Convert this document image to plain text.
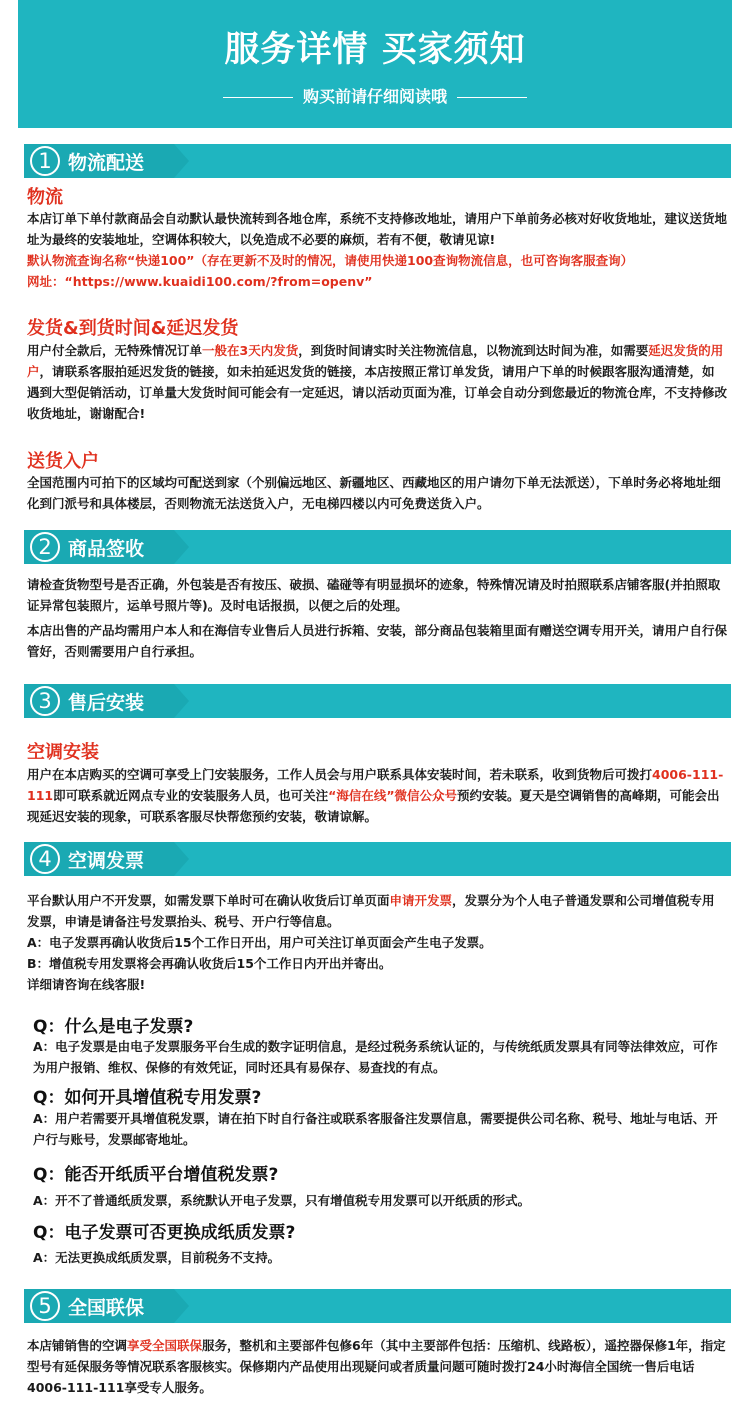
服务详情 买家须知
购买前请仔细阅读哦
1 物流配送
物流
本店订单下单付款商品会自动默认最快流转到各地仓库，系统不支持修改地址，请用户下单前务必核对好收货地址，建议送货地址为最终的安装地址，空调体积较大，以免造成不必要的麻烦，若有不便，敬请见谅!
默认物流查询名称“快递100”（存在更新不及时的情况，请使用快递100查询物流信息，也可咨询客服查询）
网址：“https://www.kuaidi100.com/?from=openv”
发货&到货时间&延迟发货
用户付全款后，无特殊情况订单一般在3天内发货，到货时间请实时关注物流信息，以物流到达时间为准，如需要延迟发货的用户，请联系客服拍延迟发货的链接，如未拍延迟发货的链接，本店按照正常订单发货，请用户下单的时候跟客服沟通清楚，如遇到大型促销活动，订单量大发货时间可能会有一定延迟，请以活动页面为准，订单会自动分到您最近的物流仓库，不支持修改收货地址，谢谢配合!
送货入户
全国范围内可拍下的区域均可配送到家（个别偏远地区、新疆地区、西藏地区的用户请勿下单无法派送），下单时务必将地址细化到门派号和具体楼层，否则物流无法送货入户，无电梯四楼以内可免费送货入户。
2 商品签收
请检查货物型号是否正确，外包装是否有按压、破损、磕碰等有明显损坏的迹象，特殊情况请及时拍照联系店铺客服(并拍照取证异常包装照片，运单号照片等)。及时电话报损，以便之后的处理。
本店出售的产品均需用户本人和在海信专业售后人员进行拆箱、安装，部分商品包装箱里面有赠送空调专用开关，请用户自行保管好，否则需要用户自行承担。
3 售后安装
空调安装
用户在本店购买的空调可享受上门安装服务，工作人员会与用户联系具体安装时间，若未联系，收到货物后可拨打4006-111-111即可联系就近网点专业的安装服务人员，也可关注“海信在线”微信公众号预约安装。夏天是空调销售的高峰期，可能会出现延迟安装的现象，可联系客服尽快帮您预约安装，敬请谅解。
4 空调发票
平台默认用户不开发票，如需发票下单时可在确认收货后订单页面申请开发票，发票分为个人电子普通发票和公司增值税专用发票，申请是请备注号发票抬头、税号、开户行等信息。
A：电子发票再确认收货后15个工作日开出，用户可关注订单页面会产生电子发票。
B：增值税专用发票将会再确认收货后15个工作日内开出并寄出。
详细请咨询在线客服!
Q：什么是电子发票?
A：电子发票是由电子发票服务平台生成的数字证明信息，是经过税务系统认证的，与传统纸质发票具有同等法律效应，可作为用户报销、维权、保修的有效凭证，同时还具有易保存、易查找的有点。
Q：如何开具增值税专用发票?
A：用户若需要开具增值税发票，请在拍下时自行备注或联系客服备注发票信息，需要提供公司名称、税号、地址与电话、开户行与账号，发票邮寄地址。
Q：能否开纸质平台增值税发票?
A：开不了普通纸质发票，系统默认开电子发票，只有增值税专用发票可以开纸质的形式。
Q：电子发票可否更换成纸质发票?
A：无法更换成纸质发票，目前税务不支持。
5 全国联保
本店铺销售的空调享受全国联保服务，整机和主要部件包修6年（其中主要部件包括：压缩机、线路板），遥控器保修1年，指定型号有延保服务等情况联系客服核实。保修期内产品使用出现疑问或者质量问题可随时拨打24小时海信全国统一售后电话4006-111-111享受专人服务。
